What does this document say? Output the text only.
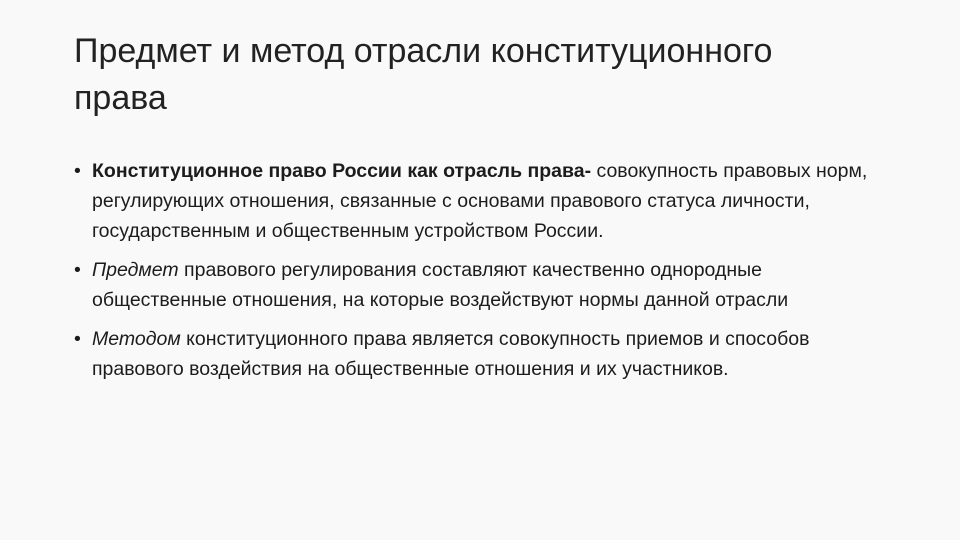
Предмет и метод отрасли конституционного права
• Конституционное право России как отрасль права- совокупность правовых норм, регулирующих отношения, связанные с основами правового статуса личности, государственным и общественным устройством России.
• Предмет правового регулирования составляют качественно однородные общественные отношения, на которые воздействуют нормы данной отрасли
• Методом конституционного права является совокупность приемов и способов правового воздействия на общественные отношения и их участников.
